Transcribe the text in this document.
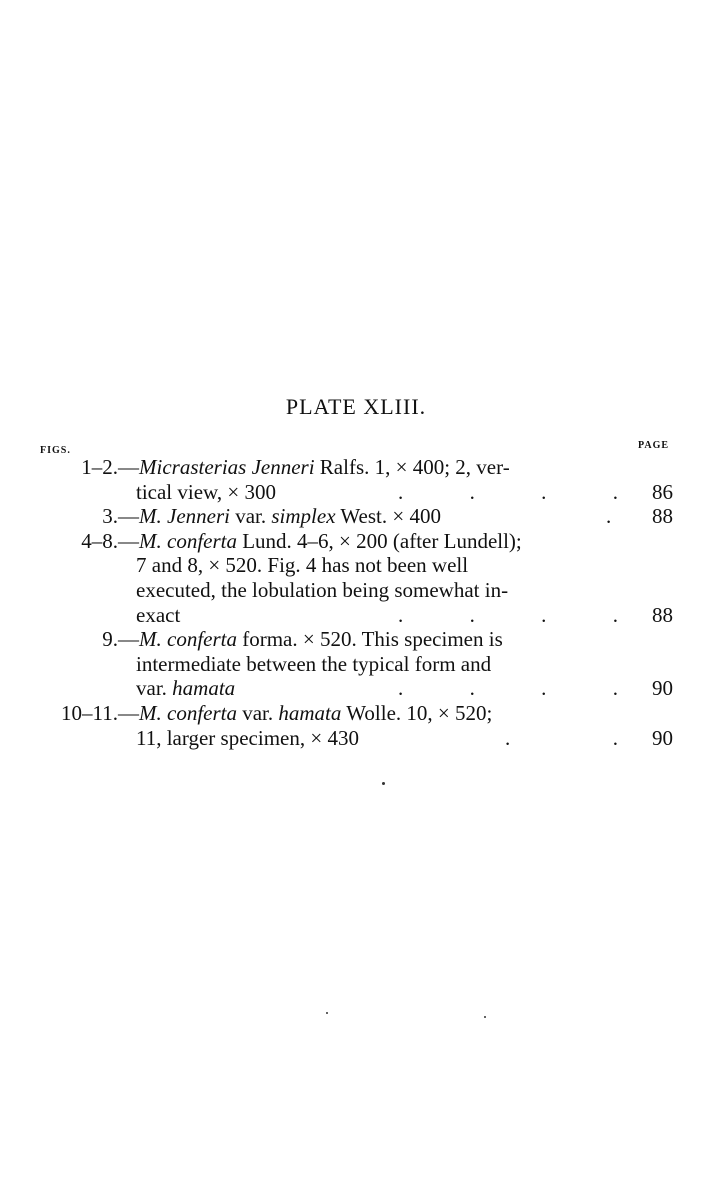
PLATE XLIII.
FIGS.	PAGE
1–2. —Micrasterias Jenneri Ralfs. 1, × 400; 2, ver-
tical view, × 300	.	.	.	. 86
3. —M. Jenneri var. simplex West. × 400	. 88
4–8. —M. conferta Lund. 4–6, × 200 (after Lundell);
7 and 8, × 520. Fig. 4 has not been well
executed, the lobulation being somewhat in-
exact	.	.	.	. 88
9. —M. conferta forma. × 520. This specimen is
intermediate between the typical form and
var. hamata	.	.	.	. 90
10–11. —M. conferta var. hamata Wolle. 10, × 520;
11, larger specimen, × 430	.	. 90
